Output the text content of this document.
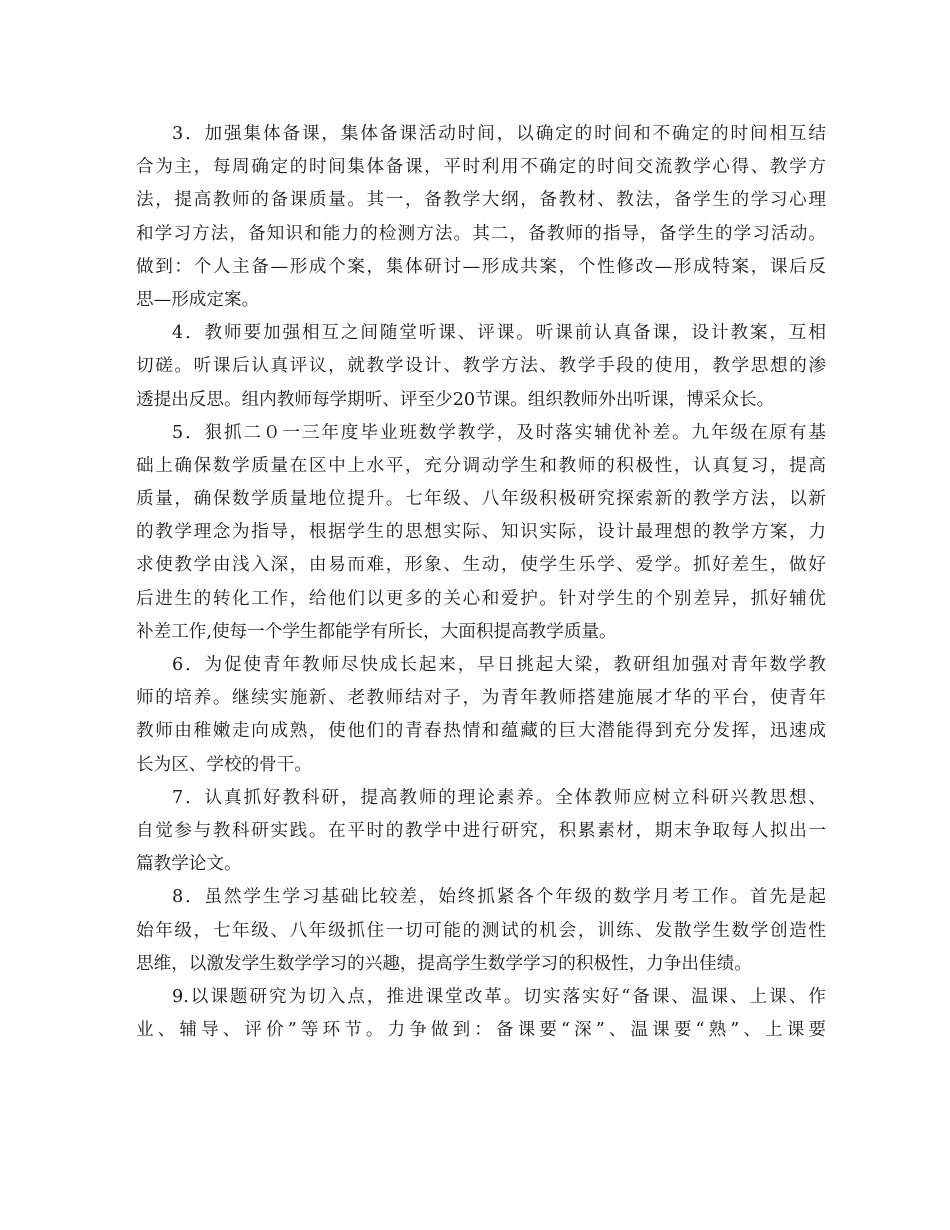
3．加强集体备课，集体备课活动时间，以确定的时间和不确定的时间相互结
合为主，每周确定的时间集体备课，平时利用不确定的时间交流教学心得、教学方
法，提高教师的备课质量。其一，备教学大纲，备教材、教法，备学生的学习心理
和学习方法，备知识和能力的检测方法。其二，备教师的指导，备学生的学习活动。
做到：个人主备—形成个案，集体研讨—形成共案，个性修改—形成特案，课后反
思—形成定案。
4．教师要加强相互之间随堂听课、评课。听课前认真备课，设计教案，互相
切磋。听课后认真评议，就教学设计、教学方法、教学手段的使用，教学思想的渗
透提出反思。组内教师每学期听、评至少20节课。组织教师外出听课，博采众长。
5．狠抓二０一三年度毕业班数学教学，及时落实辅优补差。九年级在原有基
础上确保数学质量在区中上水平，充分调动学生和教师的积极性，认真复习，提高
质量，确保数学质量地位提升。七年级、八年级积极研究探索新的教学方法，以新
的教学理念为指导，根据学生的思想实际、知识实际，设计最理想的教学方案，力
求使教学由浅入深，由易而难，形象、生动，使学生乐学、爱学。抓好差生，做好
后进生的转化工作，给他们以更多的关心和爱护。针对学生的个别差异，抓好辅优
补差工作,使每一个学生都能学有所长，大面积提高教学质量。
6．为促使青年教师尽快成长起来，早日挑起大梁，教研组加强对青年数学教
师的培养。继续实施新、老教师结对子，为青年教师搭建施展才华的平台，使青年
教师由稚嫩走向成熟，使他们的青春热情和蕴藏的巨大潜能得到充分发挥，迅速成
长为区、学校的骨干。
7．认真抓好教科研，提高教师的理论素养。全体教师应树立科研兴教思想、
自觉参与教科研实践。在平时的教学中进行研究，积累素材，期末争取每人拟出一
篇教学论文。
8．虽然学生学习基础比较差，始终抓紧各个年级的数学月考工作。首先是起
始年级，七年级、八年级抓住一切可能的测试的机会，训练、发散学生数学创造性
思维，以激发学生数学学习的兴趣，提高学生数学学习的积极性，力争出佳绩。
9.以课题研究为切入点，推进课堂改革。切实落实好“备课、温课、上课、作
业、辅导、评价”等环节。力争做到：备课要“深”、温课要“熟”、上课要
